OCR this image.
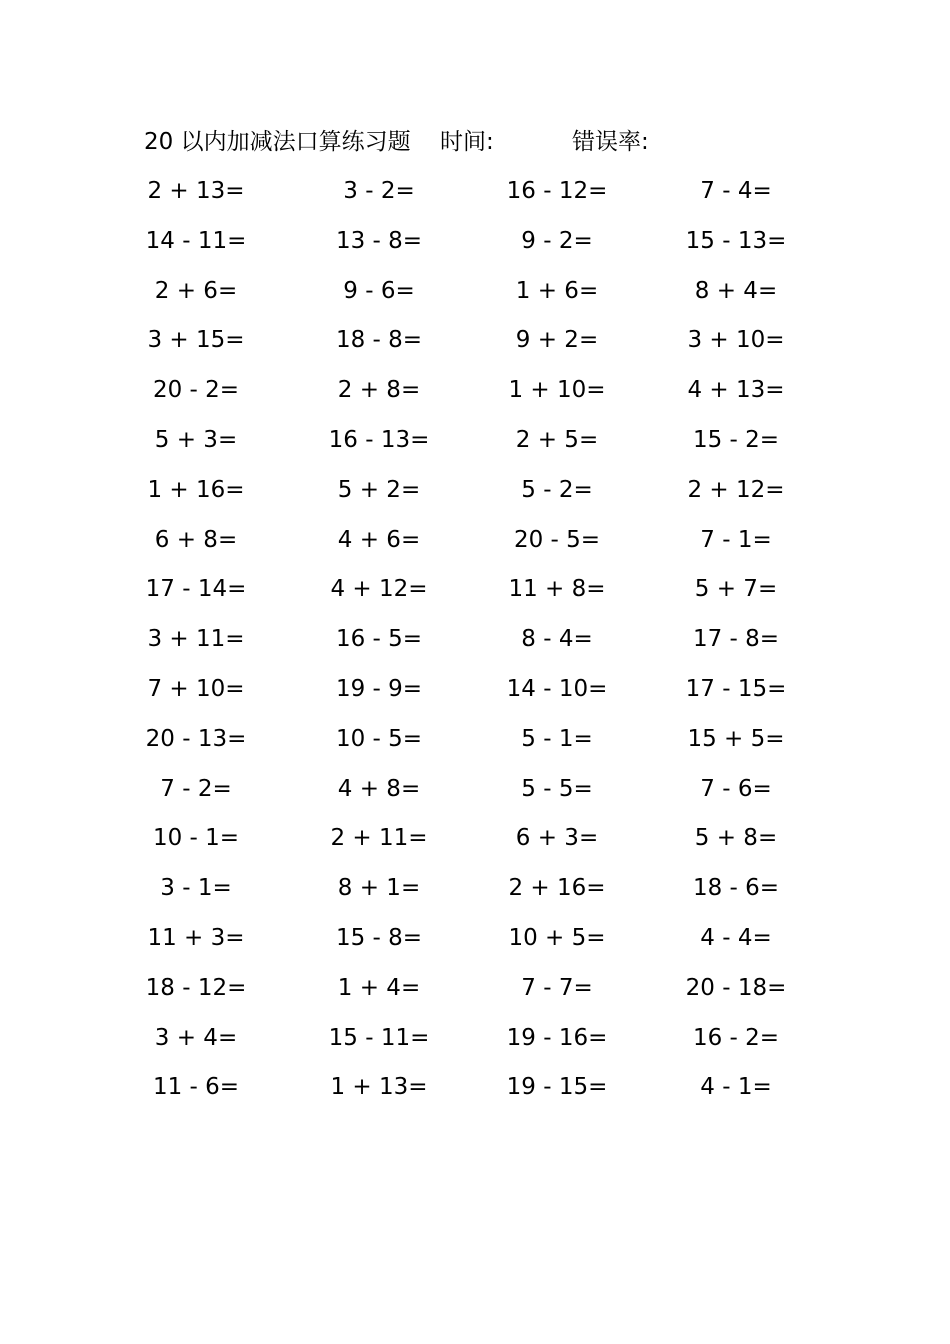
20 以内加减法口算练习题 时间:	错误率:
2 + 13=	3 - 2=	16 - 12=	7 - 4=
14 - 11=	13 - 8=	9 - 2=	15 - 13=
2 + 6=	9 - 6=	1 + 6=	8 + 4=
3 + 15=	18 - 8=	9 + 2=	3 + 10=
20 - 2=	2 + 8=	1 + 10=	4 + 13=
5 + 3=	16 - 13=	2 + 5=	15 - 2=
1 + 16=	5 + 2=	5 - 2=	2 + 12=
6 + 8=	4 + 6=	20 - 5=	7 - 1=
17 - 14=	4 + 12=	11 + 8=	5 + 7=
3 + 11=	16 - 5=	8 - 4=	17 - 8=
7 + 10=	19 - 9=	14 - 10=	17 - 15=
20 - 13=	10 - 5=	5 - 1=	15 + 5=
7 - 2=	4 + 8=	5 - 5=	7 - 6=
10 - 1=	2 + 11=	6 + 3=	5 + 8=
3 - 1=	8 + 1=	2 + 16=	18 - 6=
11 + 3=	15 - 8=	10 + 5=	4 - 4=
18 - 12=	1 + 4=	7 - 7=	20 - 18=
3 + 4=	15 - 11=	19 - 16=	16 - 2=
11 - 6=	1 + 13=	19 - 15=	4 - 1=
